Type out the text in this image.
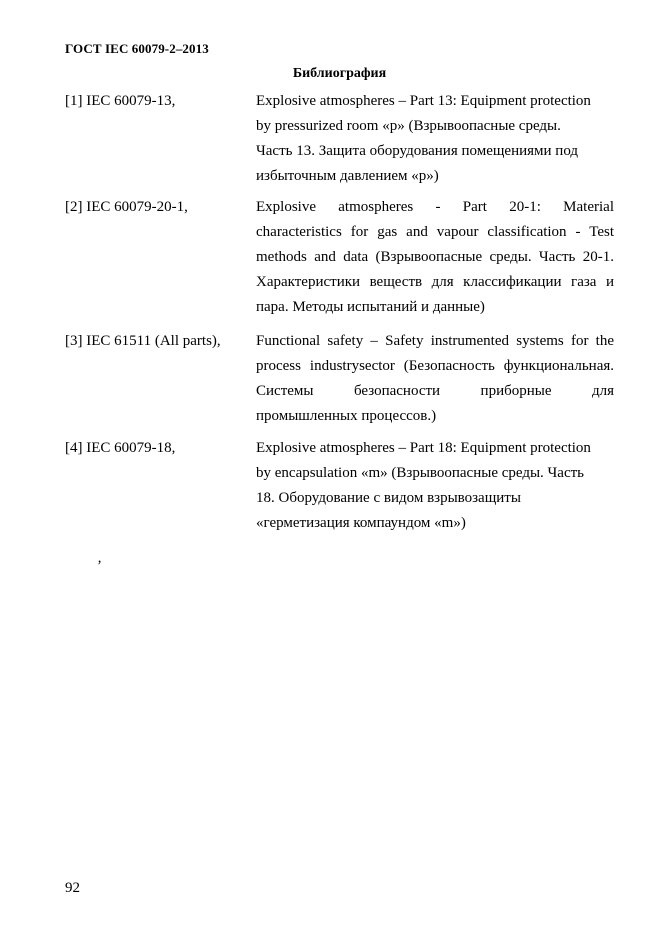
ГОСТ IEC 60079-2–2013
Библиография
[1] IEC 60079-13,	Explosive atmospheres – Part 13: Equipment protection
by pressurized room «p» (Взрывоопасные среды.
Часть 13. Защита оборудования помещениями под
избыточным давлением «p»)
[2] IEC 60079-20-1,	Explosive atmospheres - Part 20-1: Material
characteristics for gas and vapour classification - Test
methods and data (Взрывоопасные среды. Часть 20-1.
Характеристики веществ для классификации газа и
пара. Методы испытаний и данные)
[3] IEC 61511 (All parts), Functional safety – Safety instrumented systems for the
process industrysector (Безопасность функциональная.
Системы безопасности приборные для
промышленных процессов.)
[4] IEC 60079-18,	Explosive atmospheres – Part 18: Equipment protection
by encapsulation «m» (Взрывоопасные среды. Часть
18. Оборудование с видом взрывозащиты
«герметизация компаундом «m»)
‚
92
